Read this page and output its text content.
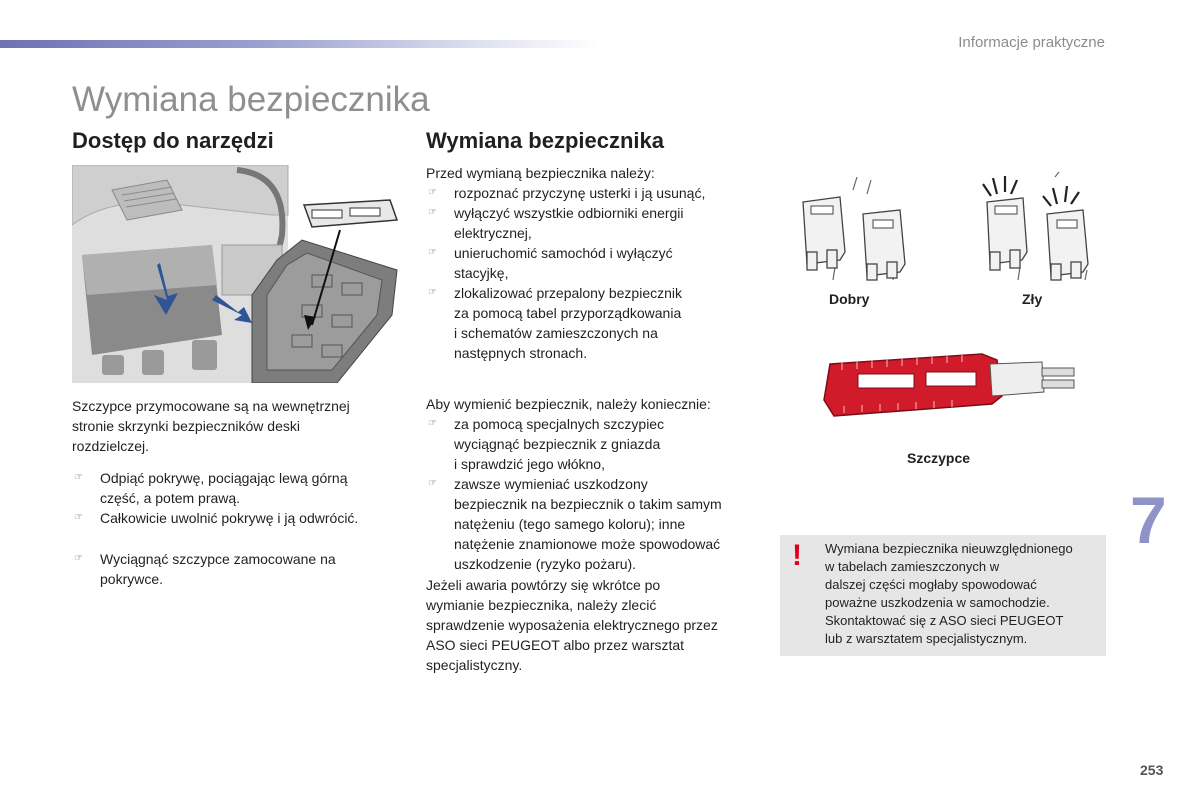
Informacje praktyczne
Wymiana bezpiecznika
Dostęp do narzędzi

Szczypce przymocowane są na wewnętrznej
stronie skrzynki bezpieczników deski
rozdzielczej.

☞ Odpiąć pokrywę, pociągając lewą górną
część, a potem prawą.
☞ Całkowicie uwolnić pokrywę i ją odwrócić.
☞ Wyciągnąć szczypce zamocowane na
pokrywce.
Wymiana bezpiecznika

Przed wymianą bezpiecznika należy:

☞ rozpoznać przyczynę usterki i ją usunąć,
☞ wyłączyć wszystkie odbiorniki energii
elektrycznej,
☞ unieruchomić samochód i wyłączyć
stacyjkę,
☞ zlokalizować przepalony bezpiecznik
za pomocą tabel przyporządkowania
i schematów zamieszczonych na
następnych stronach.

Aby wymienić bezpiecznik, należy koniecznie:

☞ za pomocą specjalnych szczypiec
wyciągnąć bezpiecznik z gniazda
i sprawdzić jego włókno,
☞ zawsze wymieniać uszkodzony
bezpiecznik na bezpiecznik o takim samym
natężeniu (tego samego koloru); inne
natężenie znamionowe może spowodować
uszkodzenie (ryzyko pożaru).

Jeżeli awaria powtórzy się wkrótce po
wymianie bezpiecznika, należy zlecić
sprawdzenie wyposażenia elektrycznego przez
ASO sieci PEUGEOT albo przez warsztat
specjalistyczny.

Dobry	Zły
Szczypce
! Wymiana bezpiecznika nieuwzględnionego
w tabelach zamieszczonych w
dalszej części mogłaby spowodować
poważne uszkodzenia w samochodzie.
Skontaktować się z ASO sieci PEUGEOT
lub z warsztatem specjalistycznym.
7
253
